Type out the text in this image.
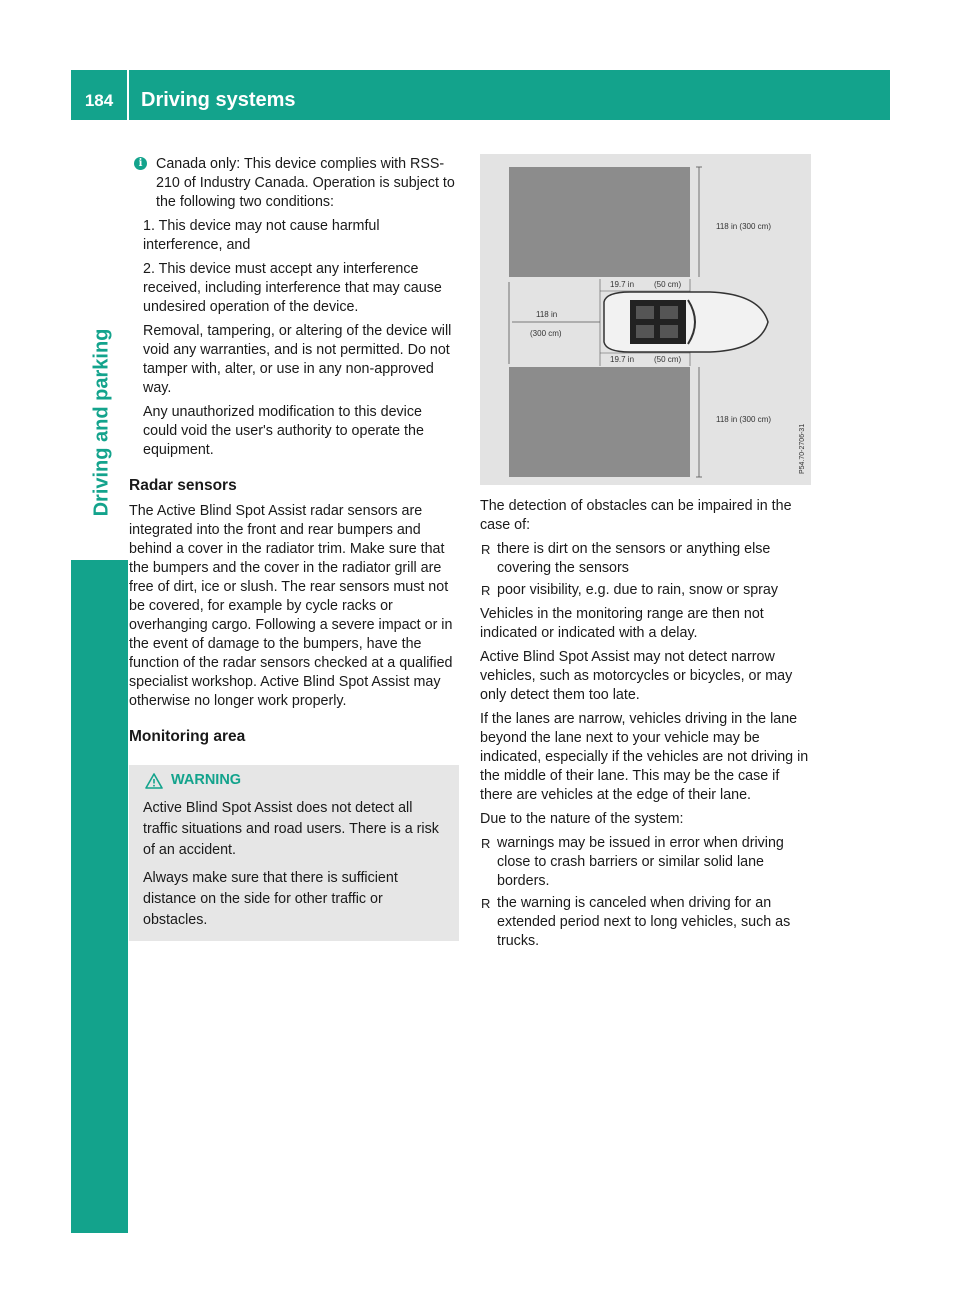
184	Driving systems
Driving and parking
i Canada only: This device complies with RSS-210 of Industry Canada. Operation is subject to the following two conditions:

1. This device may not cause harmful interference, and

2. This device must accept any interference received, including interference that may cause undesired operation of the device.

Removal, tampering, or altering of the device will void any warranties, and is not permitted. Do not tamper with, alter, or use in any non-approved way.

Any unauthorized modification to this device could void the user's authority to operate the equipment.

Radar sensors

The Active Blind Spot Assist radar sensors are integrated into the front and rear bumpers and behind a cover in the radiator trim. Make sure that the bumpers and the cover in the radiator grill are free of dirt, ice or slush. The rear sensors must not be covered, for example by cycle racks or overhanging cargo. Following a severe impact or in the event of damage to the bumpers, have the function of the radar sensors checked at a qualified specialist workshop. Active Blind Spot Assist may otherwise no longer work properly.

Monitoring area
WARNING

Active Blind Spot Assist does not detect all traffic situations and road users. There is a risk of an accident.

Always make sure that there is sufficient distance on the side for other traffic or obstacles.

118 in (300 cm)
19.7 in (50 cm)
118 in
(300 cm)
19.7 in (50 cm)
118 in (300 cm)
P54.70-2706-31

The detection of obstacles can be impaired in the case of:

R there is dirt on the sensors or anything else covering the sensors
R poor visibility, e.g. due to rain, snow or spray

Vehicles in the monitoring range are then not indicated or indicated with a delay.

Active Blind Spot Assist may not detect narrow vehicles, such as motorcycles or bicycles, or may only detect them too late.

If the lanes are narrow, vehicles driving in the lane beyond the lane next to your vehicle may be indicated, especially if the vehicles are not driving in the middle of their lane. This may be the case if there are vehicles at the edge of their lane.

Due to the nature of the system:

R warnings may be issued in error when driving close to crash barriers or similar solid lane borders.
R the warning is canceled when driving for an extended period next to long vehicles, such as trucks.
